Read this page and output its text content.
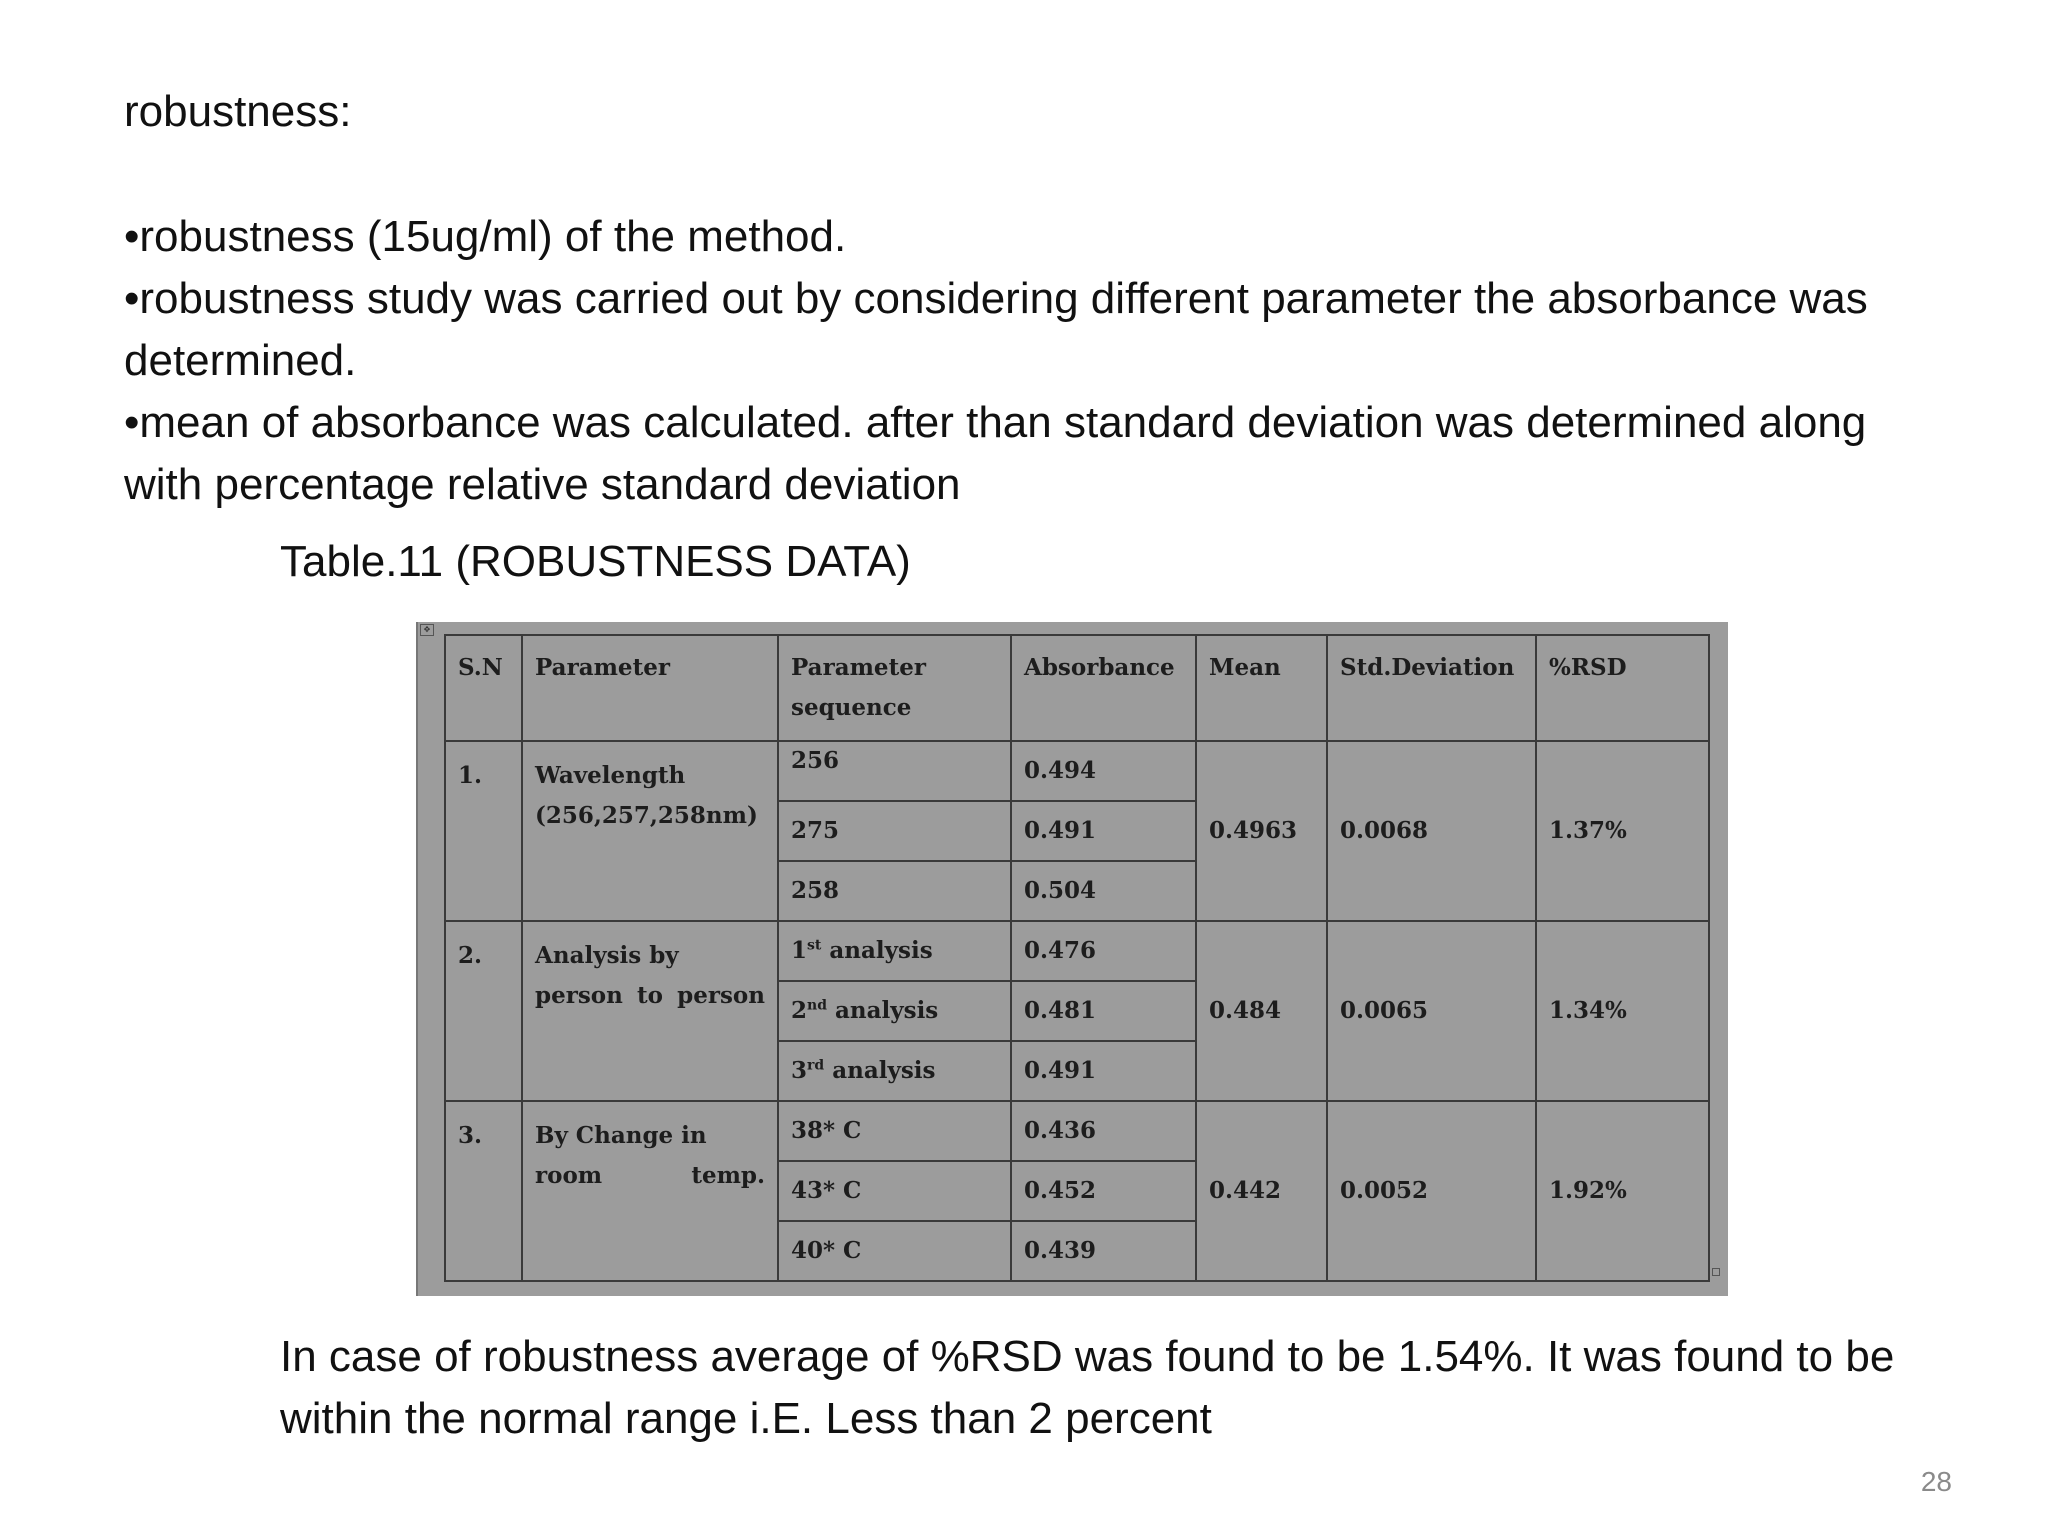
robustness:
•robustness (15ug/ml) of the method.
•robustness study was carried out by considering different parameter the absorbance was determined.
•mean of absorbance was calculated. after than standard deviation was determined along with percentage relative standard deviation

Table.11 (ROBUSTNESS DATA)

✥
S.N	Parameter	Parameter sequence	Absorbance	Mean	Std.Deviation	%RSD
1.	Wavelength (256,257,258nm)	256	0.494	0.4963	0.0068	1.37%
		275	0.491			
		258	0.504			
2.	Analysis by person to person	1st analysis	0.476	0.484	0.0065	1.34%
		2nd analysis	0.481			
		3rd analysis	0.491			
3.	By Change in room temp.	38* C	0.436	0.442	0.0052	1.92%
		43* C	0.452			
		40* C	0.439			

In case of robustness average of %RSD was found to be 1.54%. It was found to be within the normal range i.E. Less than 2 percent

28
